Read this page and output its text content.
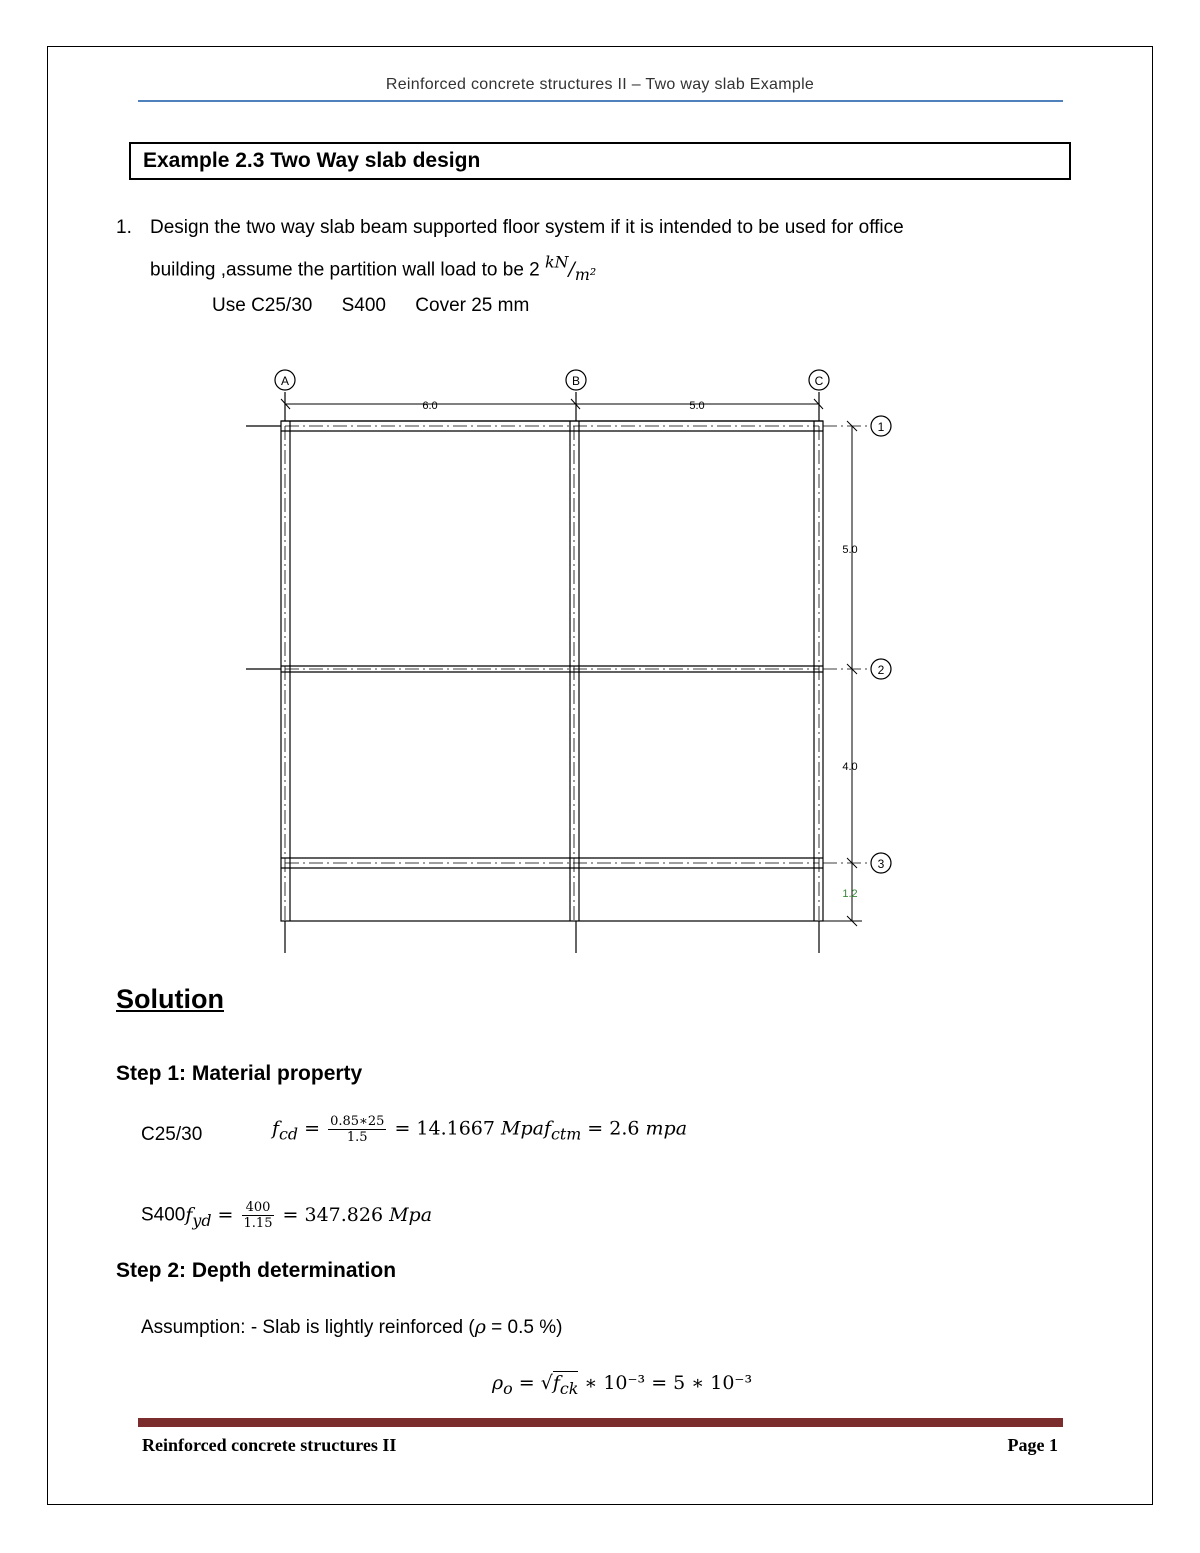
Reinforced concrete structures II – Two way slab Example
Example 2.3 Two Way slab design
1. Design the two way slab beam supported floor system if it is intended to be used for office
building ,assume the partition wall load to be 2 $^{kN}/_{m^2}$
Use C25/30 S400 Cover 25 mm
A	B	C
1
2
3
6.0	5.0
5.0
4.0
1.2
Solution
Step 1: Material property
C25/30	$f_{cd} = \frac{0.85∗25}{1.5} = 14.1667$ Mpaf$_{ctm}$ = 2.6 mpa
$S400f_{yd} = \frac{400}{1.15} = 347.826$ Mpa
Step 2: Depth determination
Assumption: - Slab is lightly reinforced (ρ = 0.5 %)
$\rho_o = √f_{ck}$ ∗ 10⁻³ = 5 ∗ 10⁻³
Reinforced concrete structures II	Page 1
